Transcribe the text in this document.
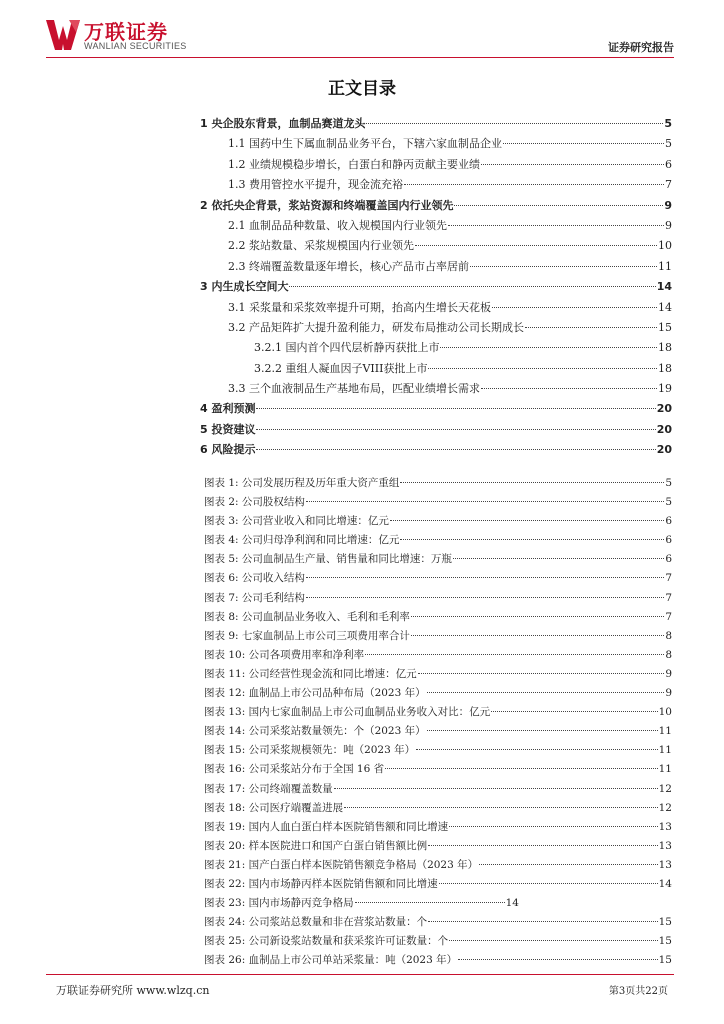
万联证券
WANLIAN SECURITIES	证券研究报告
正文目录
1 央企股东背景，血制品赛道龙头	5
1.1 国药中生下属血制品业务平台，下辖六家血制品企业	5
1.2 业绩规模稳步增长，白蛋白和静丙贡献主要业绩	6
1.3 费用管控水平提升，现金流充裕	7
2 依托央企背景，浆站资源和终端覆盖国内行业领先	9
2.1 血制品品种数量、收入规模国内行业领先	9
2.2 浆站数量、采浆规模国内行业领先	10
2.3 终端覆盖数量逐年增长，核心产品市占率居前	11
3 内生成长空间大	14
3.1 采浆量和采浆效率提升可期，抬高内生增长天花板	14
3.2 产品矩阵扩大提升盈利能力，研发布局推动公司长期成长	15
3.2.1 国内首个四代层析静丙获批上市	18
3.2.2 重组人凝血因子VIII获批上市	18
3.3 三个血液制品生产基地布局，匹配业绩增长需求	19
4 盈利预测	20
5 投资建议	20
6 风险提示	20
图表 1: 公司发展历程及历年重大资产重组	5
图表 2: 公司股权结构	5
图表 3: 公司营业收入和同比增速：亿元	6
图表 4: 公司归母净利润和同比增速：亿元	6
图表 5: 公司血制品生产量、销售量和同比增速：万瓶	6
图表 6: 公司收入结构	7
图表 7: 公司毛利结构	7
图表 8: 公司血制品业务收入、毛利和毛利率	7
图表 9: 七家血制品上市公司三项费用率合计	8
图表 10: 公司各项费用率和净利率	8
图表 11: 公司经营性现金流和同比增速：亿元	9
图表 12: 血制品上市公司品种布局（2023 年）	9
图表 13: 国内七家血制品上市公司血制品业务收入对比：亿元	10
图表 14: 公司采浆站数量领先：个（2023 年）	11
图表 15: 公司采浆规模领先：吨（2023 年）	11
图表 16: 公司采浆站分布于全国 16 省	11
图表 17: 公司终端覆盖数量	12
图表 18: 公司医疗端覆盖进展	12
图表 19: 国内人血白蛋白样本医院销售额和同比增速	13
图表 20: 样本医院进口和国产白蛋白销售额比例	13
图表 21: 国产白蛋白样本医院销售额竞争格局（2023 年）	13
图表 22: 国内市场静丙样本医院销售额和同比增速	14
图表 23: 国内市场静丙竞争格局	14
图表 24: 公司浆站总数量和非在营浆站数量：个	15
图表 25: 公司新设浆站数量和获采浆许可证数量：个	15
图表 26: 血制品上市公司单站采浆量：吨（2023 年）	15
万联证券研究所 www.wlzq.cn	第3页共22页
